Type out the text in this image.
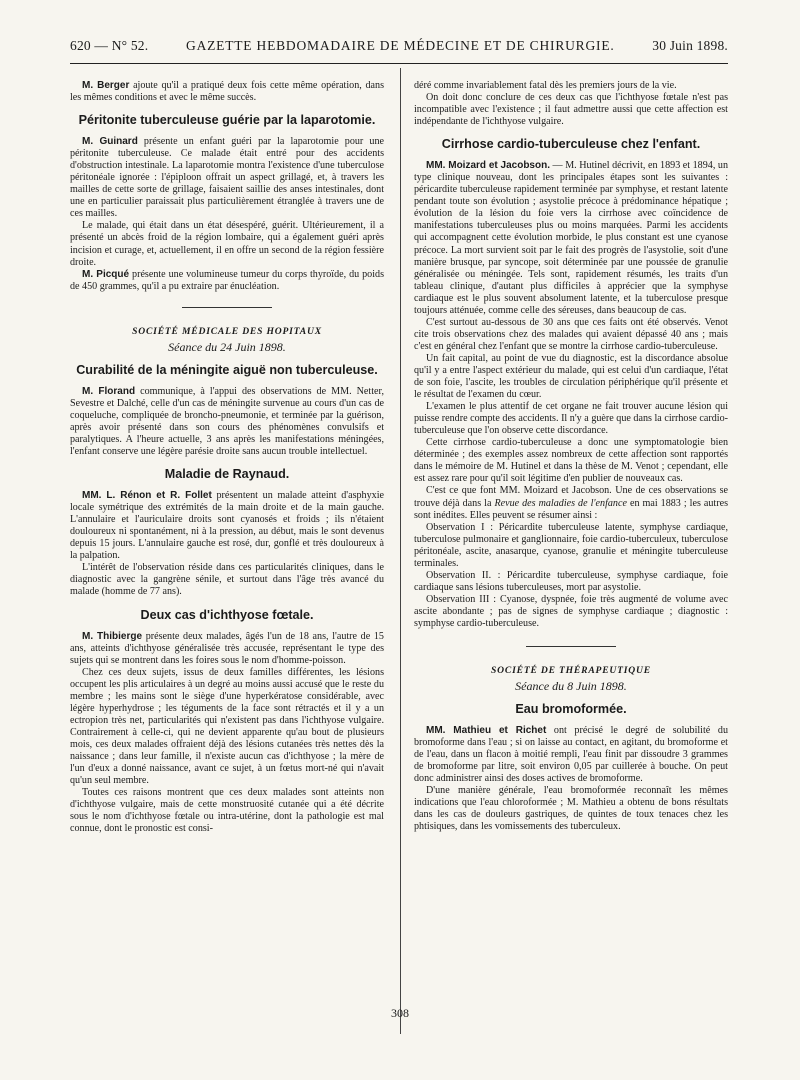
620 — N° 52.	GAZETTE HEBDOMADAIRE DE MÉDECINE ET DE CHIRURGIE.	30 Juin 1898.

M. Berger ajoute qu'il a pratiqué deux fois cette même opération, dans les mêmes conditions et avec le même succès.

Péritonite tuberculeuse guérie par la laparotomie.

M. Guinard présente un enfant guéri par la laparotomie pour une péritonite tuberculeuse. Ce malade était entré pour des accidents d'obstruction intestinale. La laparotomie montra l'existence d'une tuberculose péritonéale ignorée : l'épiploon offrait un aspect grillagé, et, à travers les mailles de cette sorte de grillage, faisaient saillie des anses intestinales, dont une en particulier paraissait plus particulièrement étranglée à travers une de ces mailles.

Le malade, qui était dans un état désespéré, guérit. Ultérieurement, il a présenté un abcès froid de la région lombaire, qui a également guéri après incision et curage, et, actuellement, il en offre un second de la région fessière droite.

M. Picqué présente une volumineuse tumeur du corps thyroïde, du poids de 450 grammes, qu'il a pu extraire par énucléation.

SOCIÉTÉ MÉDICALE DES HOPITAUX
Séance du 24 Juin 1898.
Curabilité de la méningite aiguë non tuberculeuse.

M. Florand communique, à l'appui des observations de MM. Netter, Sevestre et Dalché, celle d'un cas de méningite survenue au cours d'un cas de coqueluche, compliquée de broncho-pneumonie, et terminée par la guérison, après avoir présenté dans son cours des phénomènes convulsifs et paralytiques. A l'heure actuelle, 3 ans après les manifestations méningées, l'enfant conserve une légère parésie droite sans aucun trouble intellectuel.

Maladie de Raynaud.

MM. L. Rénon et R. Follet présentent un malade atteint d'asphyxie locale symétrique des extrémités de la main droite et de la main gauche. L'annulaire et l'auriculaire droits sont cyanosés et froids ; ils n'étaient douloureux ni spontanément, ni à la pression, au début, mais le sont devenus depuis 15 jours. L'annulaire gauche est rosé, dur, gonflé et très douloureux à la palpation.

L'intérêt de l'observation réside dans ces particularités cliniques, dans le diagnostic avec la gangrène sénile, et surtout dans l'âge très avancé du malade (homme de 77 ans).

Deux cas d'ichthyose fœtale.

M. Thibierge présente deux malades, âgés l'un de 18 ans, l'autre de 15 ans, atteints d'ichthyose généralisée très accusée, représentant le type des sujets qui se montrent dans les foires sous le nom d'homme-poisson.

Chez ces deux sujets, issus de deux familles différentes, les lésions occupent les plis articulaires à un degré au moins aussi accusé que le reste du membre ; les mains sont le siège d'une hyperkératose considérable, avec légère hyperhydrose ; les téguments de la face sont rétractés et il y a un ectropion très net, particularités qui n'existent pas dans l'ichthyose vulgaire. Contrairement à celle-ci, qui ne devient apparente qu'au bout de plusieurs mois, ces deux malades offraient déjà des lésions cutanées très nettes dès la naissance ; dans leur famille, il n'existe aucun cas d'ichthyose ; la mère de l'un d'eux a donné naissance, avant ce sujet, à un fœtus mort-né qui n'avait qu'un seul membre.

Toutes ces raisons montrent que ces deux malades sont atteints non d'ichthyose vulgaire, mais de cette monstruosité cutanée qui a été décrite sous le nom d'ichthyose fœtale ou intra-utérine, dont la pathologie est mal connue, dont le pronostic est consi-

déré comme invariablement fatal dès les premiers jours de la vie.

On doit donc conclure de ces deux cas que l'ichthyose fœtale n'est pas incompatible avec l'existence ; il faut admettre aussi que cette affection est indépendante de l'ichthyose vulgaire.

Cirrhose cardio-tuberculeuse chez l'enfant.

MM. Moizard et Jacobson. — M. Hutinel décrivit, en 1893 et 1894, un type clinique nouveau, dont les principales étapes sont les suivantes : péricardite tuberculeuse rapidement terminée par symphyse, et restant latente pendant toute son évolution ; asystolie précoce à prédominance hépatique ; évolution de la lésion du foie vers la cirrhose avec coïncidence de manifestations tuberculeuses plus ou moins marquées. Parmi les accidents qui accompagnent cette évolution morbide, le plus constant est une cyanose précoce. La mort survient soit par le fait des progrès de l'asystolie, soit d'une manière brusque, par syncope, soit déterminée par une poussée de granulie généralisée ou méningée. Tels sont, rapidement résumés, les traits d'un tableau clinique, d'autant plus difficiles à apprécier que la symphyse cardiaque est le plus souvent absolument latente, et la tuberculose presque toujours atténuée, comme celle des séreuses, dans beaucoup de cas.

C'est surtout au-dessous de 30 ans que ces faits ont été observés. Venot cite trois observations chez des malades qui avaient dépassé 40 ans ; mais c'est en général chez l'enfant que se montre la cirrhose cardio-tuberculeuse.

Un fait capital, au point de vue du diagnostic, est la discordance absolue qu'il y a entre l'aspect extérieur du malade, qui est celui d'un cardiaque, l'état de son foie, l'ascite, les troubles de circulation périphérique qu'il présente et le résultat de l'examen du cœur.

L'examen le plus attentif de cet organe ne fait trouver aucune lésion qui puisse rendre compte des accidents. Il n'y a guère que dans la cirrhose cardio-tuberculeuse que l'on observe cette discordance.

Cette cirrhose cardio-tuberculeuse a donc une symptomatologie bien déterminée ; des exemples assez nombreux de cette affection sont rapportés dans le mémoire de M. Hutinel et dans la thèse de M. Venot ; cependant, elle est assez rare pour qu'il soit légitime d'en publier de nouveaux cas.

C'est ce que font MM. Moizard et Jacobson. Une de ces observations se trouve déjà dans la Revue des maladies de l'enfance en mai 1883 ; les autres sont inédites. Elles peuvent se résumer ainsi :

Observation I : Péricardite tuberculeuse latente, symphyse cardiaque, tuberculose pulmonaire et ganglionnaire, foie cardio-tuberculeux, tuberculose péritonéale, ascite, anasarque, cyanose, granulie et méningite tuberculeuse terminales.

Observation II. : Péricardite tuberculeuse, symphyse cardiaque, foie cardiaque sans lésions tuberculeuses, mort par asystolie.

Observation III : Cyanose, dyspnée, foie très augmenté de volume avec ascite abondante ; pas de signes de symphyse cardiaque ; diagnostic : symphyse cardio-tuberculeuse.

SOCIÉTÉ DE THÉRAPEUTIQUE
Séance du 8 Juin 1898.
Eau bromoformée.

MM. Mathieu et Richet ont précisé le degré de solubilité du bromoforme dans l'eau ; si on laisse au contact, en agitant, du bromoforme et de l'eau, dans un flacon à moitié rempli, l'eau finit par dissoudre 3 grammes de bromoforme par litre, soit environ 0,05 par cuillerée à bouche. On peut donc administrer ainsi des doses actives de bromoforme.

D'une manière générale, l'eau bromoformée reconnaît les mêmes indications que l'eau chloroformée ; M. Mathieu a obtenu de bons résultats dans les cas de douleurs gastriques, de quintes de toux tenaces chez les phtisiques, dans les vomissements des tuberculeux.

308
